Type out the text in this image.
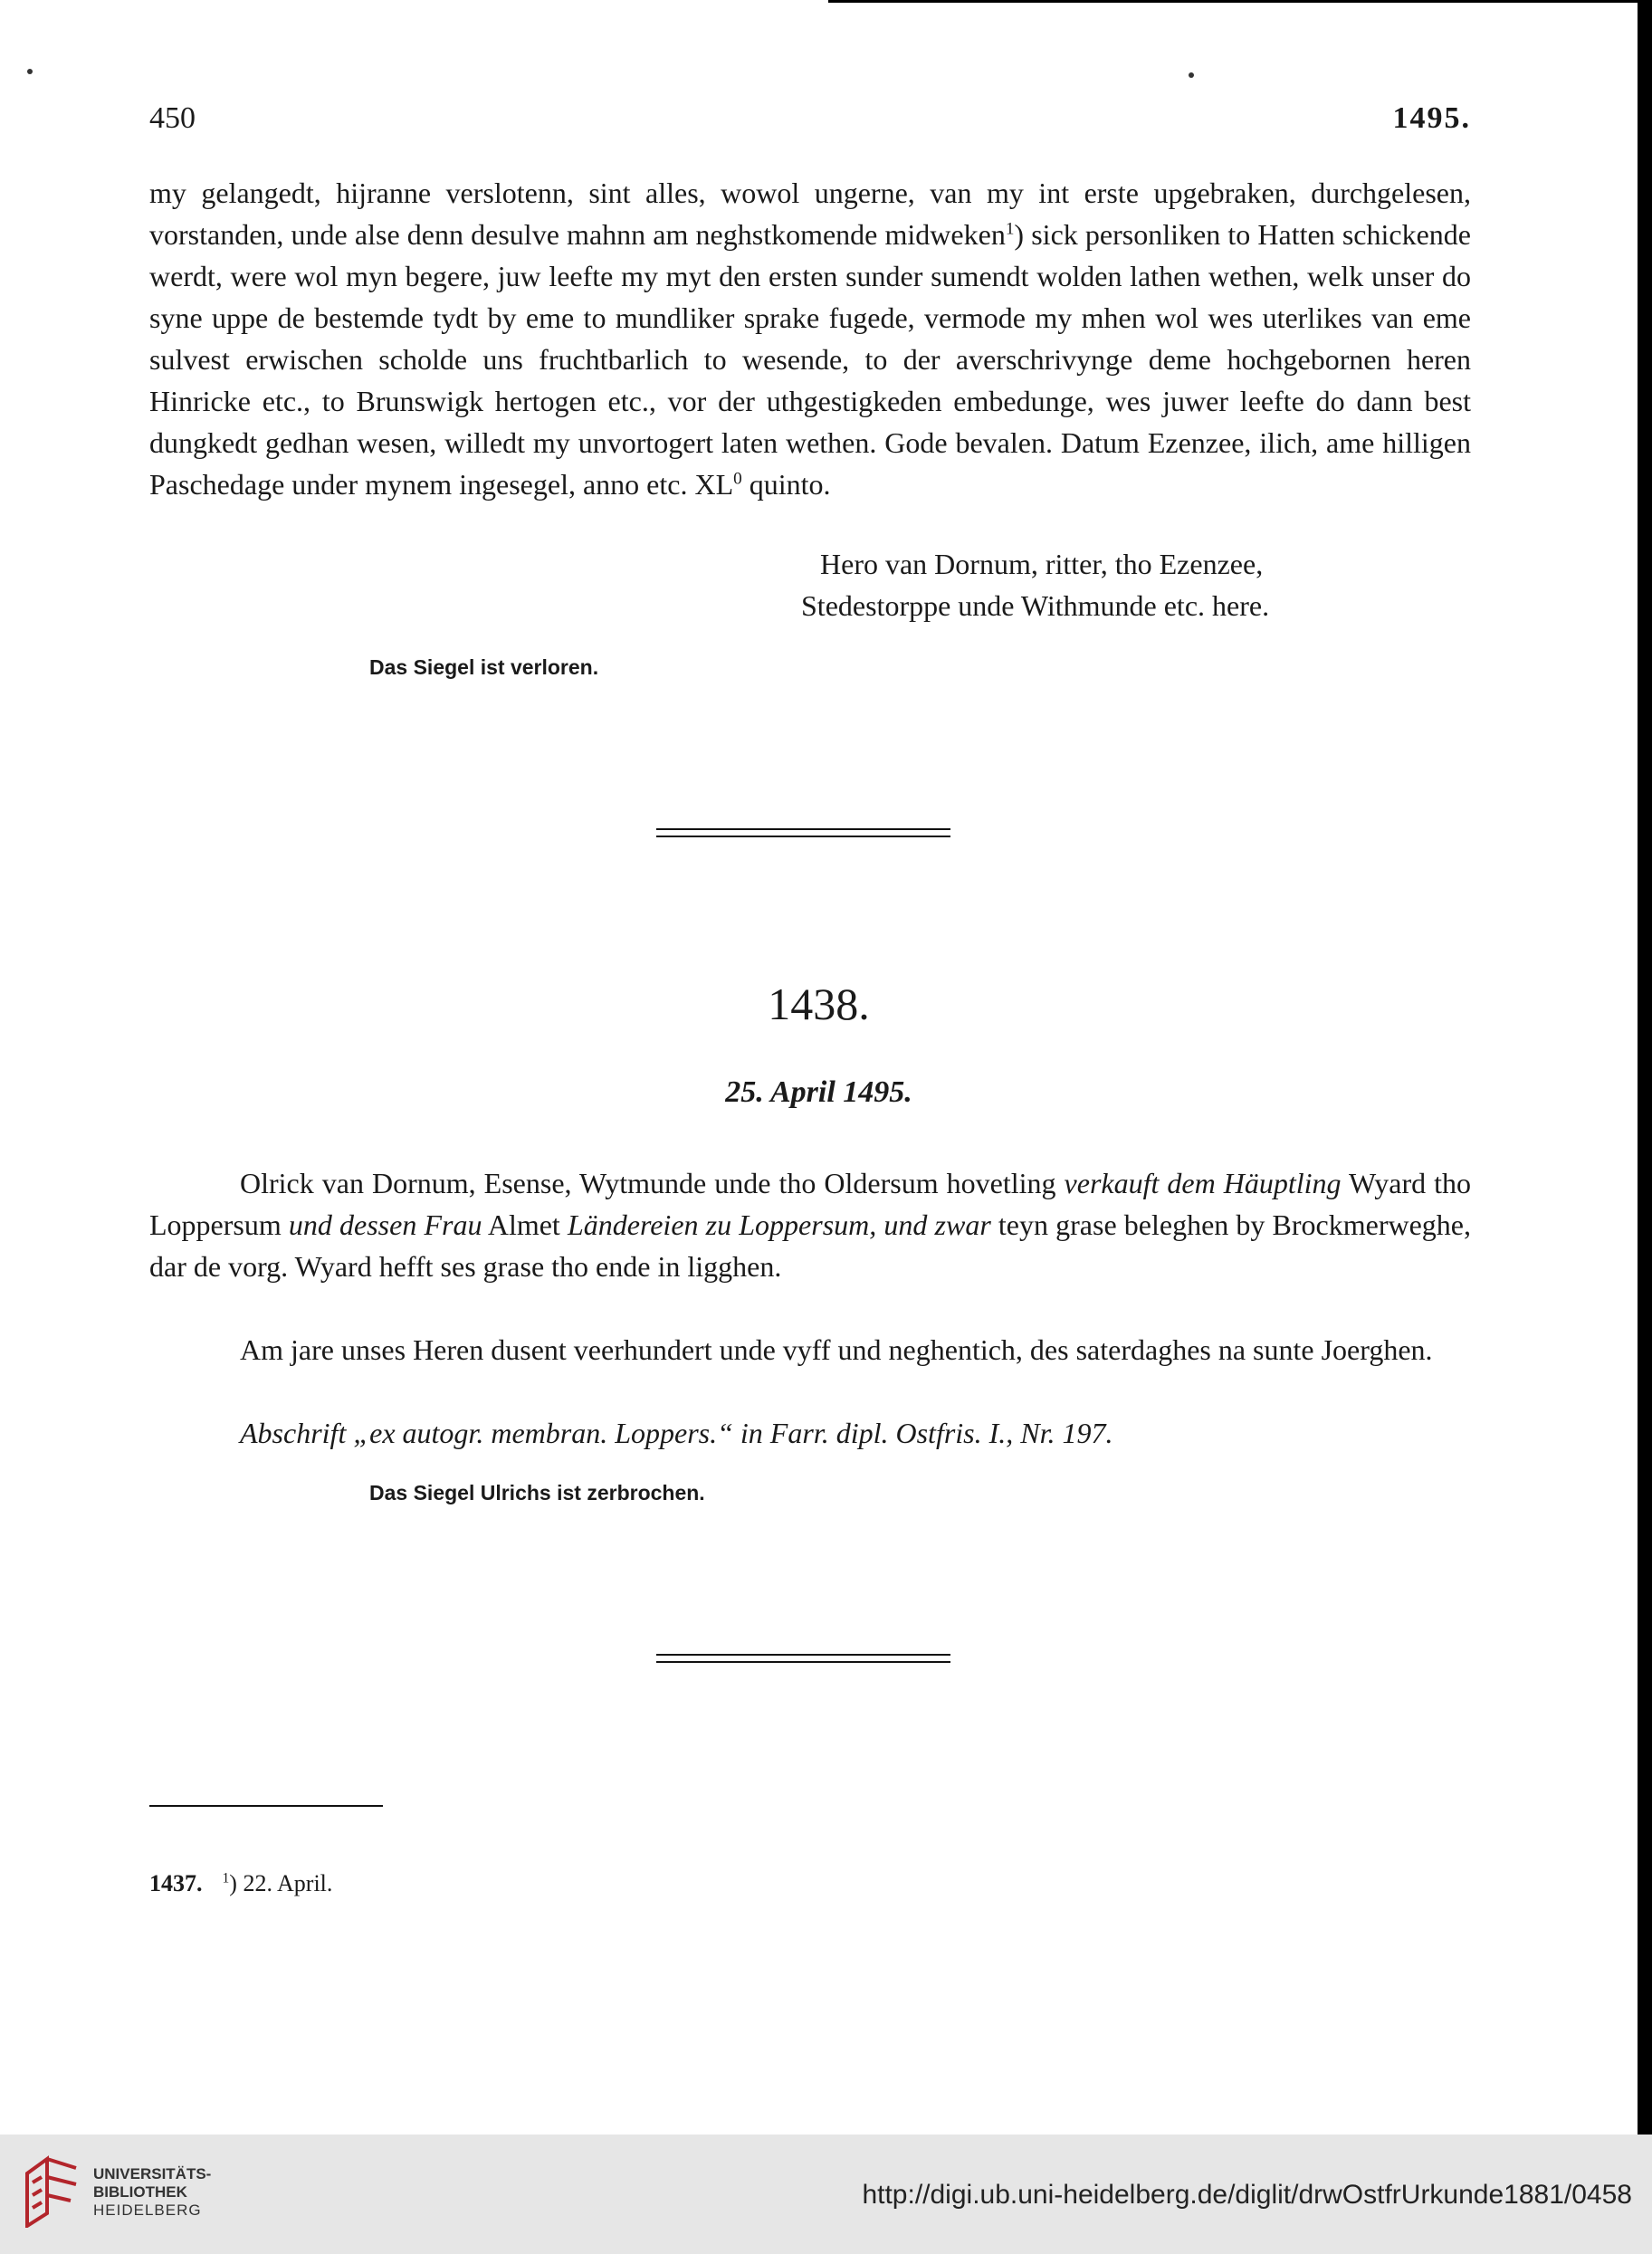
450	1495.
my gelangedt, hijranne verslotenn, sint alles, wowol ungerne, van my int erste upgebraken, durchgelesen, vorstanden, unde alse denn desulve mahnn am neghstkomende midweken$^1$) sick personliken to Hatten schickende werdt, were wol myn begere, juw leefte my myt den ersten sunder sumendt wolden lathen wethen, welk unser do syne uppe de bestemde tydt by eme to mundliker sprake fugede, vermode my mhen wol wes uterlikes van eme sulvest erwischen scholde uns fruchtbarlich to wesende, to der averschrivynge deme hochgebornen heren Hinricke etc., to Brunswigk hertogen etc., vor der uthgestigkeden embedunge, wes juwer leefte do dann best dungkedt gedhan wesen, willedt my unvortogert laten wethen. Gode bevalen. Datum Ezenzee, ilich, ame hilligen Paschedage under mynem ingesegel, anno etc. $XL^0$ quinto.
Hero van Dornum, ritter, tho Ezenzee,
Stedestorppe unde Withmunde etc. here.
Das Siegel ist verloren.
1438.
25. April 1495.
Olrick van Dornum, Esense, Wytmunde unde tho Oldersum hovetling verkauft dem Häuptling Wyard tho Loppersum und dessen Frau Almet Ländereien zu Loppersum, und zwar teyn grase beleghen by Brockmerweghe, dar de vorg. Wyard hefft ses grase tho ende in ligghen.
Am jare unses Heren dusent veerhundert unde vyff und neghentich, des saterdaghes na sunte Joerghen.
Abschrift „ex autogr. membran. Loppers.“ in Farr. dipl. Ostfris. I., Nr. 197.
Das Siegel Ulrichs ist zerbrochen.
1437. $^1$) 22. April.
UNIVERSITÄTS-
BIBLIOTHEK
HEIDELBERG
http://digi.ub.uni-heidelberg.de/diglit/drwOstfrUrkunde1881/0458
